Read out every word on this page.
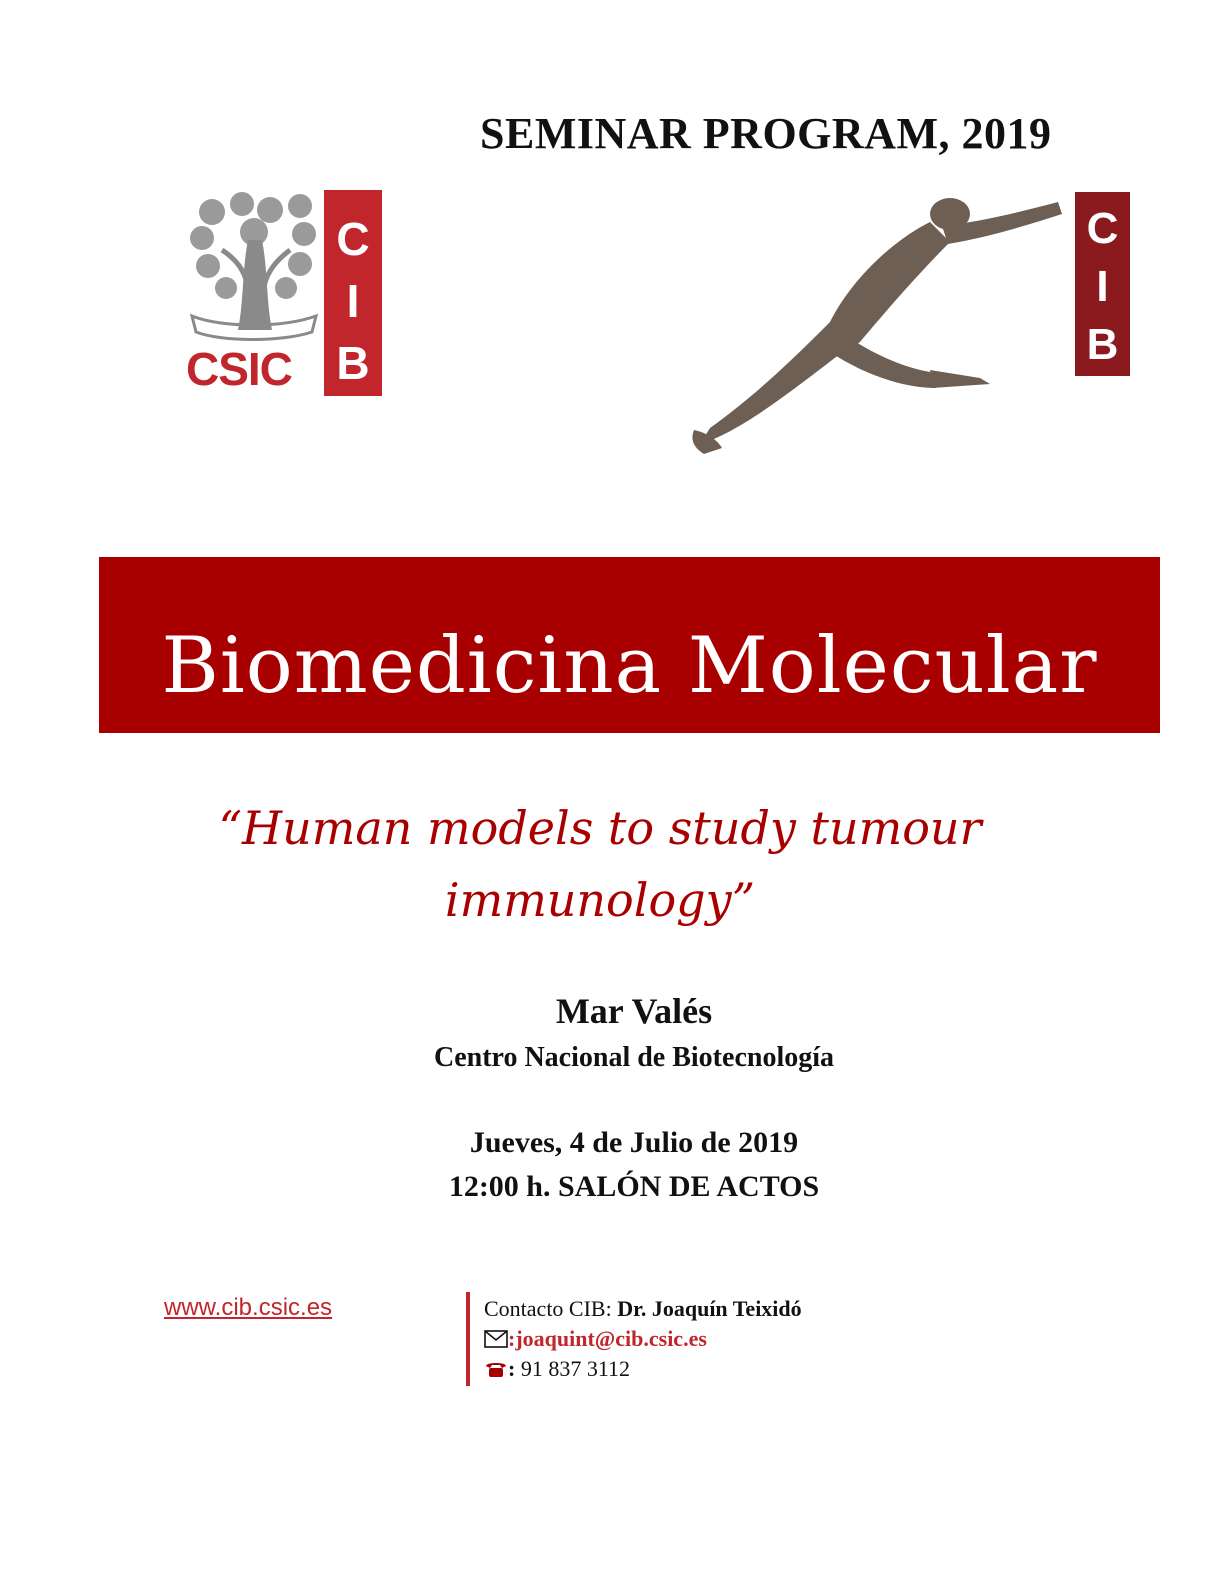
SEMINAR PROGRAM, 2019
CSIC
C
I
B
C
I
B
Biomedicina Molecular
“Human models to study tumour
immunology”
Mar Valés
Centro Nacional de Biotecnología
Jueves, 4 de Julio de 2019
12:00 h. SALÓN DE ACTOS
www.cib.csic.es	Contacto CIB: Dr. Joaquín Teixidó
:joaquint@cib.csic.es
: 91 837 3112
